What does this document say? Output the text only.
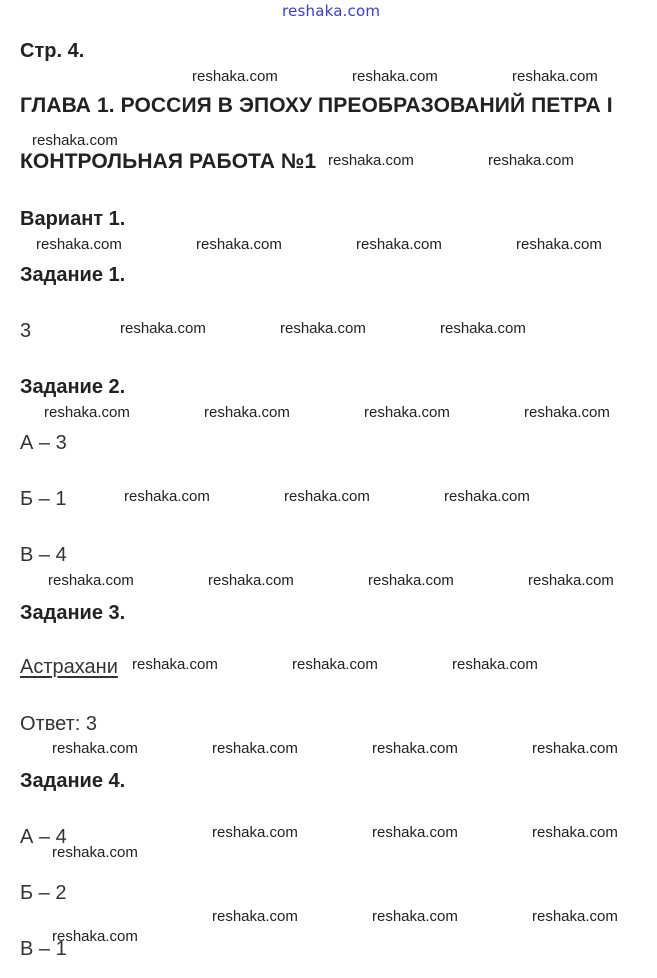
reshaka.com
Стр. 4.
ГЛАВА 1. РОССИЯ В ЭПОХУ ПРЕОБРАЗОВАНИЙ ПЕТРА I
КОНТРОЛЬНАЯ РАБОТА №1
Вариант 1.
Задание 1.
3
Задание 2.
А – 3
Б – 1
В – 4
Задание 3.
Астрахани
Ответ: 3
Задание 4.
А – 4
Б – 2
В – 1
reshaka.com	reshaka.com	reshaka.com
reshaka.com
reshaka.com	reshaka.com
reshaka.com	reshaka.com	reshaka.com	reshaka.com
reshaka.com	reshaka.com	reshaka.com
reshaka.com	reshaka.com	reshaka.com	reshaka.com
reshaka.com	reshaka.com	reshaka.com
reshaka.com	reshaka.com	reshaka.com	reshaka.com
reshaka.com	reshaka.com	reshaka.com
reshaka.com	reshaka.com	reshaka.com	reshaka.com
reshaka.com	reshaka.com	reshaka.com
reshaka.com
reshaka.com	reshaka.com	reshaka.com
reshaka.com
